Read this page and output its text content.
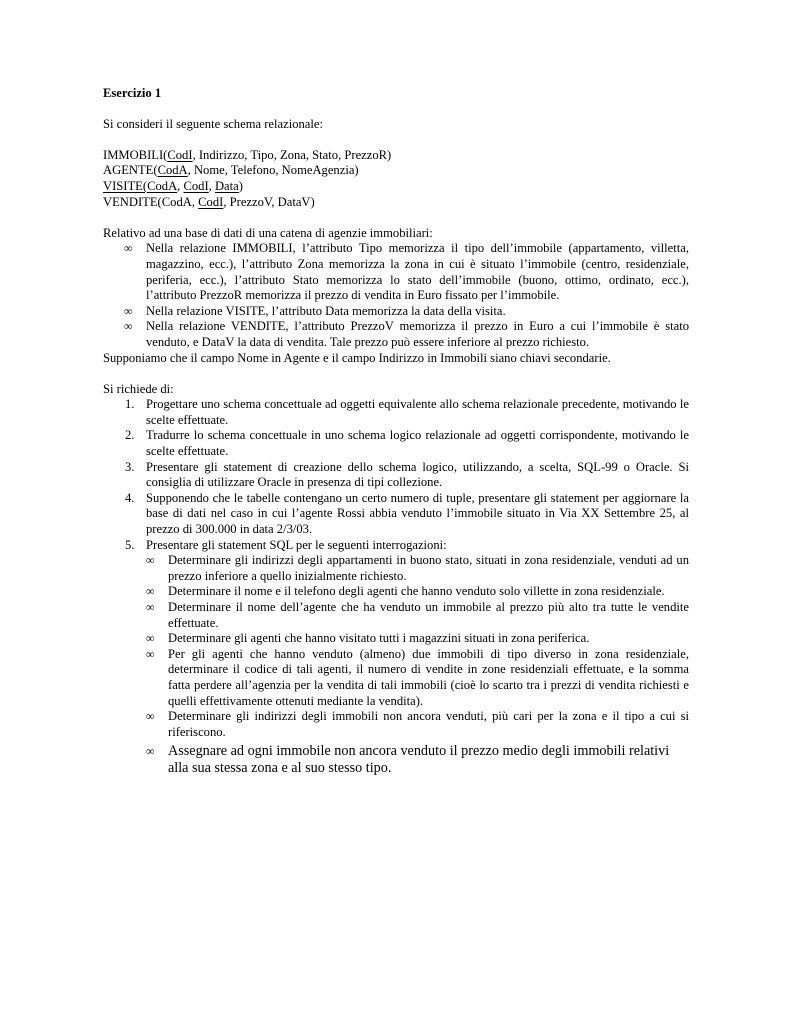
Esercizio 1

Si consideri il seguente schema relazionale:

IMMOBILI(CodI, Indirizzo, Tipo, Zona, Stato, PrezzoR)

AGENTE(CodA, Nome, Telefono, NomeAgenzia)

VISITE(CodA, CodI, Data)

VENDITE(CodA, CodI, PrezzoV, DataV)

Relativo ad una base di dati di una catena di agenzie immobiliari:

∞ Nella relazione IMMOBILI, l’attributo Tipo memorizza il tipo dell’immobile (appartamento, villetta, magazzino, ecc.), l’attributo Zona memorizza la zona in cui è situato l’immobile (centro, residenziale, periferia, ecc.), l’attributo Stato memorizza lo stato dell’immobile (buono, ottimo, ordinato, ecc.), l’attributo PrezzoR memorizza il prezzo di vendita in Euro fissato per l’immobile.
∞ Nella relazione VISITE, l’attributo Data memorizza la data della visita.
∞ Nella relazione VENDITE, l’attributo PrezzoV memorizza il prezzo in Euro a cui l’immobile è stato venduto, e DataV la data di vendita. Tale prezzo può essere inferiore al prezzo richiesto.

Supponiamo che il campo Nome in Agente e il campo Indirizzo in Immobili siano chiavi secondarie.

Si richiede di:

1. Progettare uno schema concettuale ad oggetti equivalente allo schema relazionale precedente, motivando le scelte effettuate.
2. Tradurre lo schema concettuale in uno schema logico relazionale ad oggetti corrispondente, motivando le scelte effettuate.
3. Presentare gli statement di creazione dello schema logico, utilizzando, a scelta, SQL-99 o Oracle. Si consiglia di utilizzare Oracle in presenza di tipi collezione.
4. Supponendo che le tabelle contengano un certo numero di tuple, presentare gli statement per aggiornare la base di dati nel caso in cui l’agente Rossi abbia venduto l’immobile situato in Via XX Settembre 25, al prezzo di 300.000 in data 2/3/03.
5. Presentare gli statement SQL per le seguenti interrogazioni:
∞ Determinare gli indirizzi degli appartamenti in buono stato, situati in zona residenziale, venduti ad un prezzo inferiore a quello inizialmente richiesto.
∞ Determinare il nome e il telefono degli agenti che hanno venduto solo villette in zona residenziale.
∞ Determinare il nome dell’agente che ha venduto un immobile al prezzo più alto tra tutte le vendite effettuate.
∞ Determinare gli agenti che hanno visitato tutti i magazzini situati in zona periferica.
∞ Per gli agenti che hanno venduto (almeno) due immobili di tipo diverso in zona residenziale, determinare il codice di tali agenti, il numero di vendite in zone residenziali effettuate, e la somma fatta perdere all’agenzia per la vendita di tali immobili (cioè lo scarto tra i prezzi di vendita richiesti e quelli effettivamente ottenuti mediante la vendita).
∞ Determinare gli indirizzi degli immobili non ancora venduti, più cari per la zona e il tipo a cui si riferiscono.
∞ Assegnare ad ogni immobile non ancora venduto il prezzo medio degli immobili relativi alla sua stessa zona e al suo stesso tipo.
